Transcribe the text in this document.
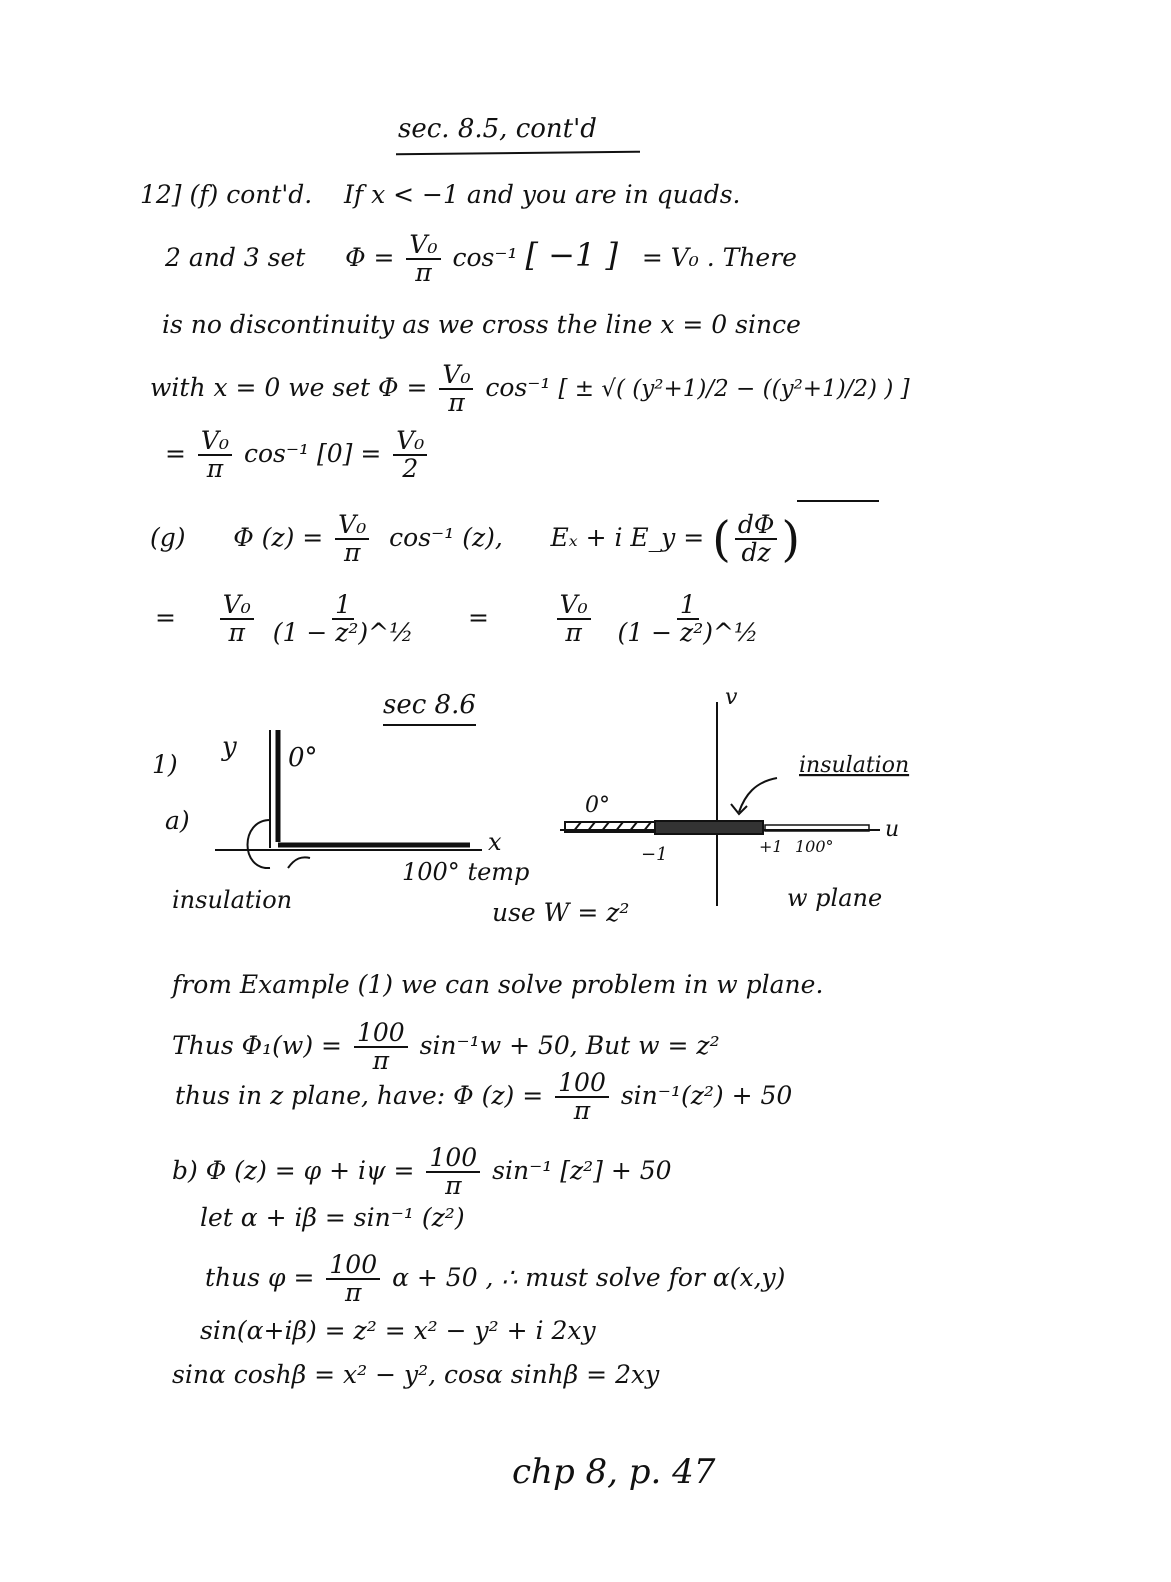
sec. 8.5, cont'd
12] (f) cont'd. If x < −1 and you are in quads.
2 and 3 set $\Phi = \frac{\text{V₀}}{\pi} \cos^{-1}$ [ −1 ] = V₀ . There
is no discontinuity as we cross the line x = 0 since
with x = 0 we set $\Phi = \frac{\text{V₀}}{\pi} \cos^{-1}$ [ ± √( (y²+1)/2 − ((y²+1)/2) ) ]
= $\frac{\text{V₀}}{\pi} \cos^{-1}$ $[0] = \frac{\text{V₀}}{2}$
(g) Φ $(z) = \frac{\text{V₀}}{\pi} \cos^{-1}$ (z), Eₓ + i E_y = ( $\frac{d\Phi}{dz}$ )
= $\frac{\text{V₀}}{\pi}$
$\frac{1}{\text{(1 − z²)\textasciicircum{}½}}$ =	$\frac{\text{V₀}}{\pi}$
$\frac{1}{\text{(1 − z²)\textasciicircum{}½}}$
sec 8.6
1)
a)
y 0°
x
100° temp
insulation	use W = z²
v
insulation
0°
u
−1	+1 100°
w plane
from Example (1) we can solve problem in w plane.
Thus $\Phi_1(w) = \frac{100}{\pi} \sin^{-1}w + 50$, But w = z²
thus in z plane, have: Φ $(z) = \frac{100}{\pi} \sin^{-1}(z^2) + 50$
b) Φ $(z) = \varphi + i\psi = \frac{100}{\pi} \sin^{-1}$ [z²] + 50
let α + iβ = sin⁻¹ (z²)
thus $\varphi = \frac{100}{\pi}$ α + 50 , ∴ must solve for α(x,y)
sin(α+iβ) = z² = x² − y² + i 2xy
sinα coshβ = x² − y², cosα sinhβ = 2xy
chp 8, p. 47
